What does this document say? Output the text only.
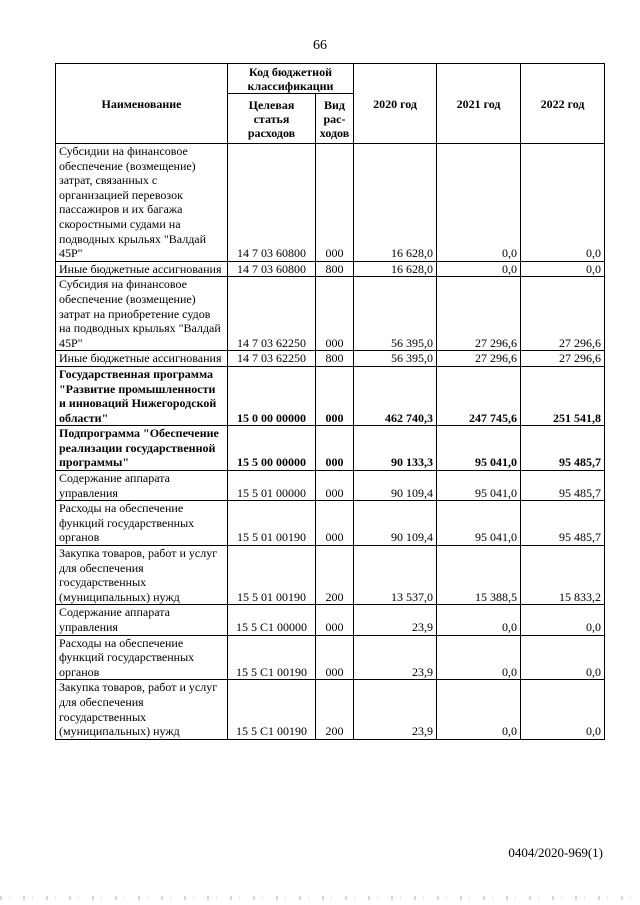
66
Наименование	Код бюджетной классификации		2020 год	2021 год	2022 год
	Целевая статья расходов	Вид рас-ходов			
Субсидии на финансовое обеспечение (возмещение) затрат, связанных с организацией перевозок пассажиров и их багажа скоростными судами на подводных крыльях "Валдай 45Р"	14 7 03 60800	000	16 628,0	0,0	0,0
Иные бюджетные ассигнования	14 7 03 60800	800	16 628,0	0,0	0,0
Субсидия на финансовое обеспечение (возмещение) затрат на приобретение судов на подводных крыльях "Валдай 45Р"	14 7 03 62250	000	56 395,0	27 296,6	27 296,6
Иные бюджетные ассигнования	14 7 03 62250	800	56 395,0	27 296,6	27 296,6
Государственная программа "Развитие промышленности и инноваций Нижегородской области"	15 0 00 00000	000	462 740,3	247 745,6	251 541,8
Подпрограмма "Обеспечение реализации государственной программы"	15 5 00 00000	000	90 133,3	95 041,0	95 485,7
Содержание аппарата управления	15 5 01 00000	000	90 109,4	95 041,0	95 485,7
Расходы на обеспечение функций государственных органов	15 5 01 00190	000	90 109,4	95 041,0	95 485,7
Закупка товаров, работ и услуг для обеспечения государственных (муниципальных) нужд	15 5 01 00190	200	13 537,0	15 388,5	15 833,2
Содержание аппарата управления	15 5 С1 00000	000	23,9	0,0	0,0
Расходы на обеспечение функций государственных органов	15 5 С1 00190	000	23,9	0,0	0,0
Закупка товаров, работ и услуг для обеспечения государственных (муниципальных) нужд	15 5 С1 00190	200	23,9	0,0	0,0
0404/2020-969(1)
